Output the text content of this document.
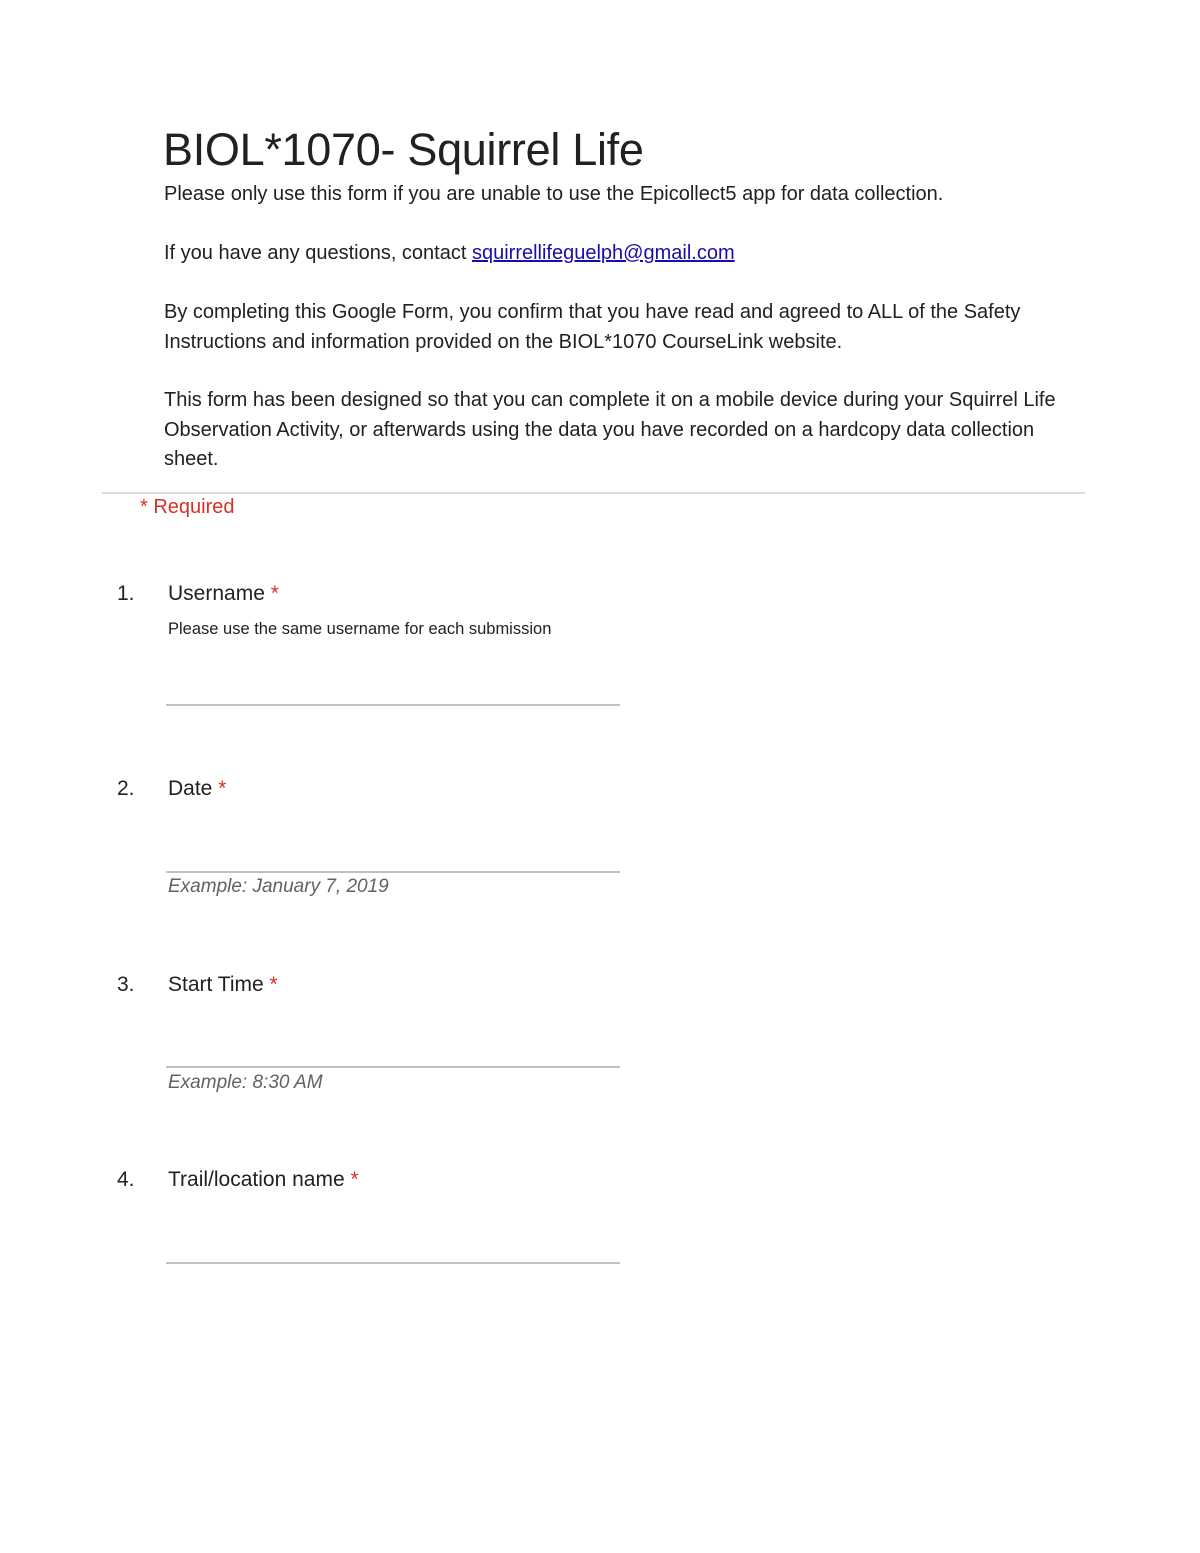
BIOL*1070- Squirrel Life

Please only use this form if you are unable to use the Epicollect5 app for data collection.

If you have any questions, contact squirrellifeguelph@gmail.com

By completing this Google Form, you confirm that you have read and agreed to ALL of the Safety Instructions and information provided on the BIOL*1070 CourseLink website.

This form has been designed so that you can complete it on a mobile device during your Squirrel Life Observation Activity, or afterwards using the data you have recorded on a hardcopy data collection sheet.

* Required
1. Username *
Please use the same username for each submission
2. Date *
Example: January 7, 2019
3. Start Time *
Example: 8:30 AM
4. Trail/location name *
